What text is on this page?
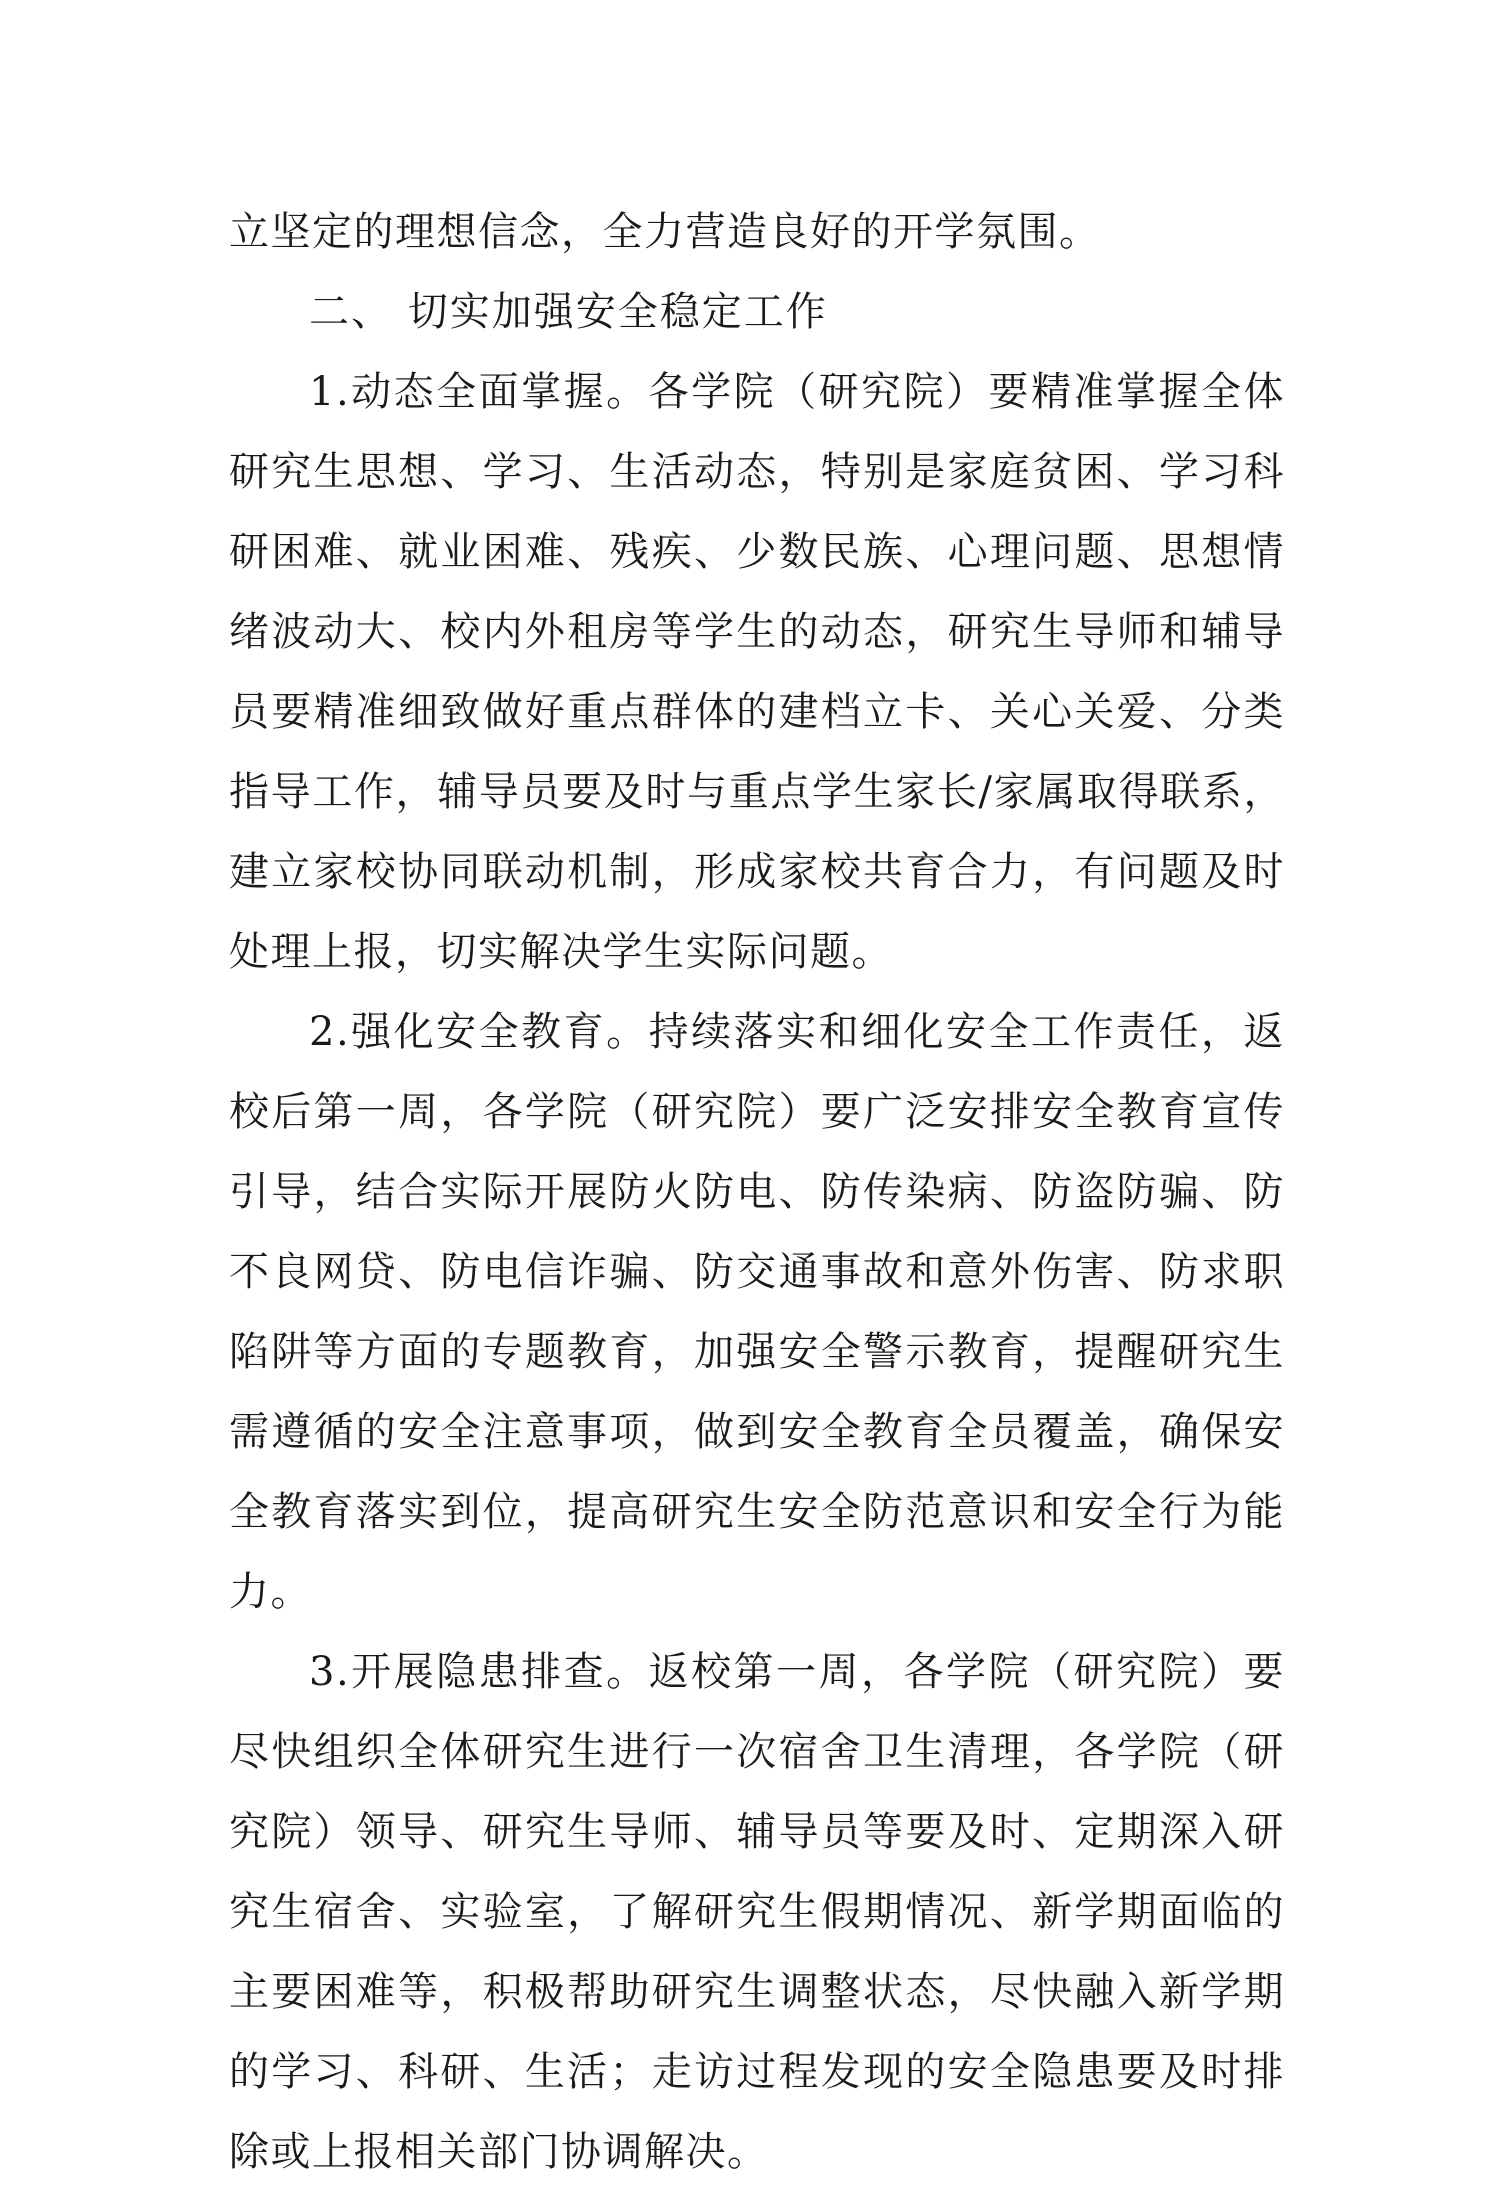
立坚定的理想信念，全力营造良好的开学氛围。

二、 切实加强安全稳定工作

1.动态全面掌握。各学院（研究院）要精准掌握全体研究生思想、学习、生活动态，特别是家庭贫困、学习科研困难、就业困难、残疾、少数民族、心理问题、思想情绪波动大、校内外租房等学生的动态，研究生导师和辅导员要精准细致做好重点群体的建档立卡、关心关爱、分类指导工作，辅导员要及时与重点学生家长/家属取得联系，建立家校协同联动机制，形成家校共育合力，有问题及时处理上报，切实解决学生实际问题。

2.强化安全教育。持续落实和细化安全工作责任，返校后第一周，各学院（研究院）要广泛安排安全教育宣传引导，结合实际开展防火防电、防传染病、防盗防骗、防不良网贷、防电信诈骗、防交通事故和意外伤害、防求职陷阱等方面的专题教育，加强安全警示教育，提醒研究生需遵循的安全注意事项，做到安全教育全员覆盖，确保安全教育落实到位，提高研究生安全防范意识和安全行为能力。

3.开展隐患排查。返校第一周，各学院（研究院）要尽快组织全体研究生进行一次宿舍卫生清理，各学院（研究院）领导、研究生导师、辅导员等要及时、定期深入研究生宿舍、实验室，了解研究生假期情况、新学期面临的主要困难等，积极帮助研究生调整状态，尽快融入新学期的学习、科研、生活；走访过程发现的安全隐患要及时排除或上报相关部门协调解决。
